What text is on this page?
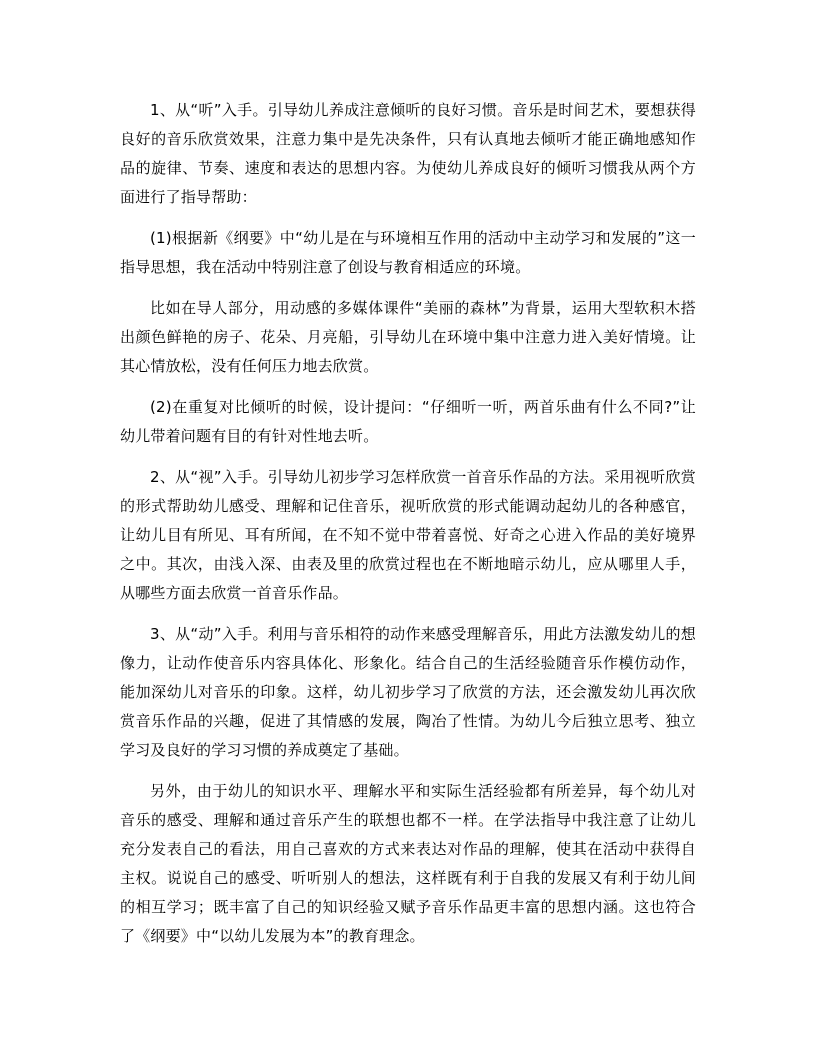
1、从“听”入手。引导幼儿养成注意倾听的良好习惯。音乐是时间艺术，要想获得良好的音乐欣赏效果，注意力集中是先决条件，只有认真地去倾听才能正确地感知作品的旋律、节奏、速度和表达的思想内容。为使幼儿养成良好的倾听习惯我从两个方面进行了指导帮助：

(1)根据新《纲要》中“幼儿是在与环境相互作用的活动中主动学习和发展的”这一指导思想，我在活动中特别注意了创设与教育相适应的环境。

比如在导人部分，用动感的多媒体课件“美丽的森林”为背景，运用大型软积木搭出颜色鲜艳的房子、花朵、月亮船，引导幼儿在环境中集中注意力进入美好情境。让其心情放松，没有任何压力地去欣赏。

(2)在重复对比倾听的时候，设计提问：“仔细听一听，两首乐曲有什么不同?”让幼儿带着问题有目的有针对性地去听。

2、从“视”入手。引导幼儿初步学习怎样欣赏一首音乐作品的方法。采用视听欣赏的形式帮助幼儿感受、理解和记住音乐，视听欣赏的形式能调动起幼儿的各种感官，让幼儿目有所见、耳有所闻，在不知不觉中带着喜悦、好奇之心进入作品的美好境界之中。其次，由浅入深、由表及里的欣赏过程也在不断地暗示幼儿，应从哪里人手，从哪些方面去欣赏一首音乐作品。

3、从“动”入手。利用与音乐相符的动作来感受理解音乐，用此方法激发幼儿的想像力，让动作使音乐内容具体化、形象化。结合自己的生活经验随音乐作模仿动作，能加深幼儿对音乐的印象。这样，幼儿初步学习了欣赏的方法，还会激发幼儿再次欣赏音乐作品的兴趣，促进了其情感的发展，陶冶了性情。为幼儿今后独立思考、独立学习及良好的学习习惯的养成奠定了基础。

另外，由于幼儿的知识水平、理解水平和实际生活经验都有所差异，每个幼儿对音乐的感受、理解和通过音乐产生的联想也都不一样。在学法指导中我注意了让幼儿充分发表自己的看法，用自己喜欢的方式来表达对作品的理解，使其在活动中获得自主权。说说自己的感受、听听别人的想法，这样既有利于自我的发展又有利于幼儿间的相互学习；既丰富了自己的知识经验又赋予音乐作品更丰富的思想内涵。这也符合了《纲要》中“以幼儿发展为本”的教育理念。
